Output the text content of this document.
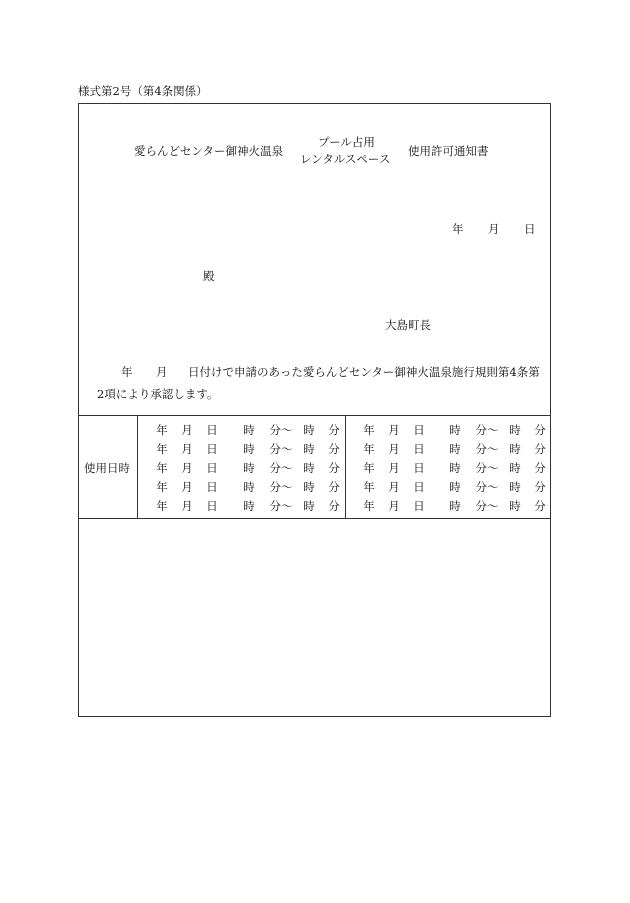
様式第2号（第4条関係）
愛らんどセンター御神火温泉
プール占用
レンタルスペース
使用許可通知書
年 月 日
殿
大島町長
年 月 日付けで申請のあった愛らんどセンター御神火温泉施行規則第4条第
2項により承認します。
使用日時
年 月 日 時 分～ 時 分 年 月 日 時 分～ 時 分
年 月 日 時 分～ 時 分 年 月 日 時 分～ 時 分
年 月 日 時 分～ 時 分 年 月 日 時 分～ 時 分
年 月 日 時 分～ 時 分 年 月 日 時 分～ 時 分
年 月 日 時 分～ 時 分 年 月 日 時 分～ 時 分
